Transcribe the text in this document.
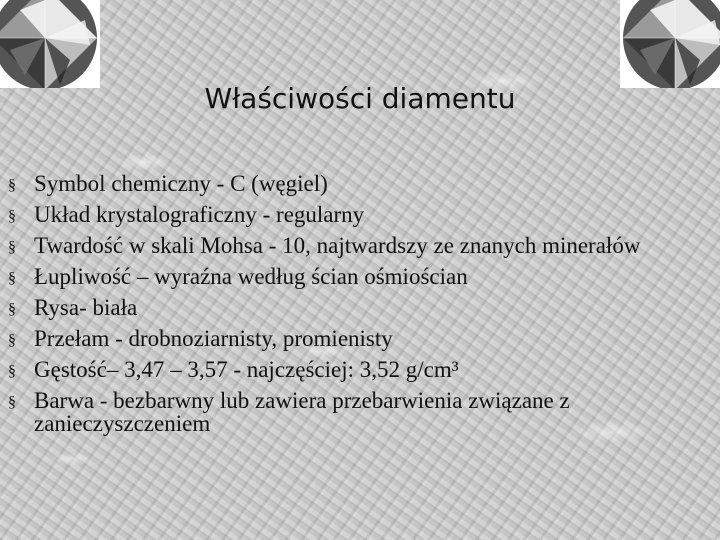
Właściwości diamentu
§ Symbol chemiczny - C (węgiel)
§ Układ krystalograficzny - regularny
§ Twardość w skali Mohsa - 10, najtwardszy ze znanych minerałów
§ Łupliwość – wyraźna według ścian ośmiościan
§ Rysa- biała
§ Przełam - drobnoziarnisty, promienisty
§ Gęstość– 3,47 – 3,57 - najczęściej: 3,52 g/cm³
§ Barwa - bezbarwny lub zawiera przebarwienia związane z zanieczyszczeniem
